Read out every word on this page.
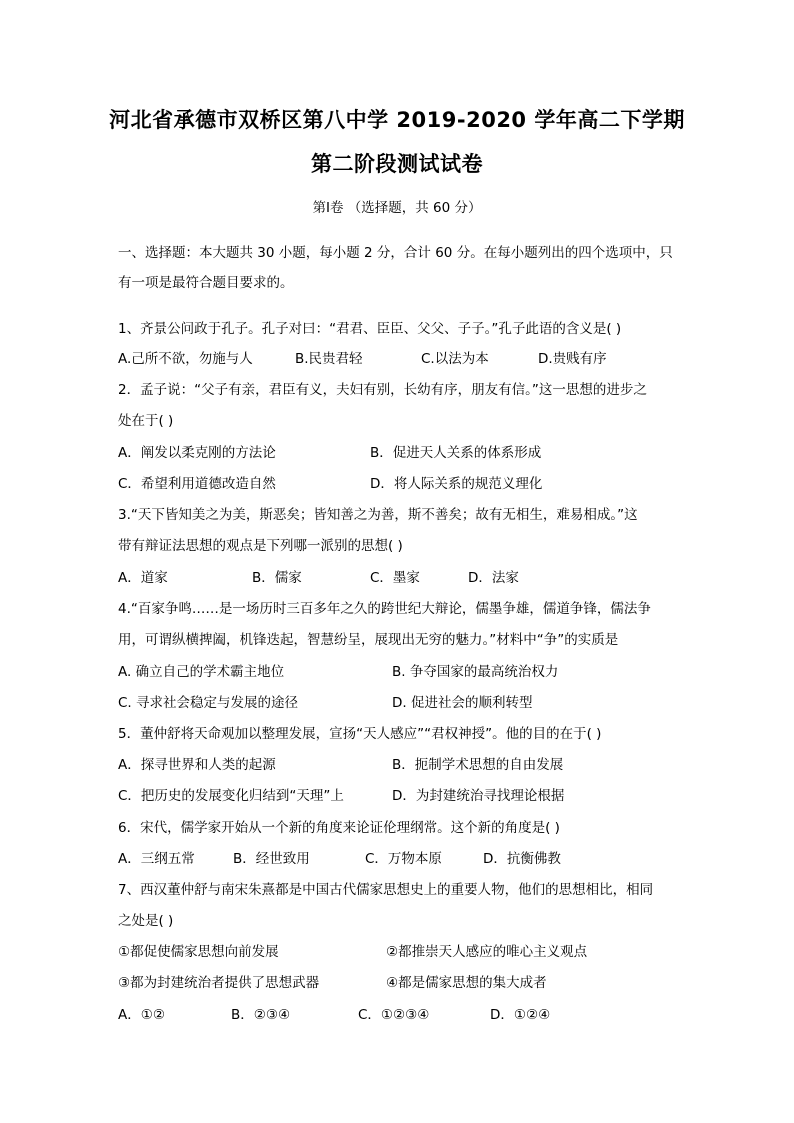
河北省承德市双桥区第八中学 2019-2020 学年高二下学期
第二阶段测试试卷
第Ⅰ卷 （选择题，共 60 分）
一、选择题：本大题共 30 小题，每小题 2 分，合计 60 分。在每小题列出的四个选项中，只
有一项是最符合题目要求的。
1、齐景公问政于孔子。孔子对曰：“君君、臣臣、父父、子子。”孔子此语的含义是( )
A.己所不欲，勿施与人	B.民贵君轻	C.以法为本	D.贵贱有序
2．孟子说：“父子有亲，君臣有义，夫妇有别，长幼有序，朋友有信。”这一思想的进步之
处在于( )
A．阐发以柔克刚的方法论	B．促进天人关系的体系形成
C．希望利用道德改造自然	D．将人际关系的规范义理化
3.“天下皆知美之为美，斯恶矣；皆知善之为善，斯不善矣；故有无相生，难易相成。”这
带有辩证法思想的观点是下列哪一派别的思想( )
A．道家	B．儒家	C．墨家	D．法家
4.“百家争鸣……是一场历时三百多年之久的跨世纪大辩论，儒墨争雄，儒道争锋，儒法争
用，可谓纵横捭阖，机锋迭起，智慧纷呈，展现出无穷的魅力。”材料中“争”的实质是
A. 确立自己的学术霸主地位	B. 争夺国家的最高统治权力
C. 寻求社会稳定与发展的途径	D. 促进社会的顺利转型
5．董仲舒将天命观加以整理发展，宣扬“天人感应”“君权神授”。他的目的在于( )
A．探寻世界和人类的起源	B．扼制学术思想的自由发展
C．把历史的发展变化归结到“天理”上	D．为封建统治寻找理论根据
6．宋代，儒学家开始从一个新的角度来论证伦理纲常。这个新的角度是( )
A．三纲五常	B．经世致用	C．万物本原	D．抗衡佛教
7、西汉董仲舒与南宋朱熹都是中国古代儒家思想史上的重要人物，他们的思想相比，相同
之处是( )
①都促使儒家思想向前发展	②都推崇天人感应的唯心主义观点
③都为封建统治者提供了思想武器	④都是儒家思想的集大成者
A．①②	B．②③④	C．①②③④	D．①②④
